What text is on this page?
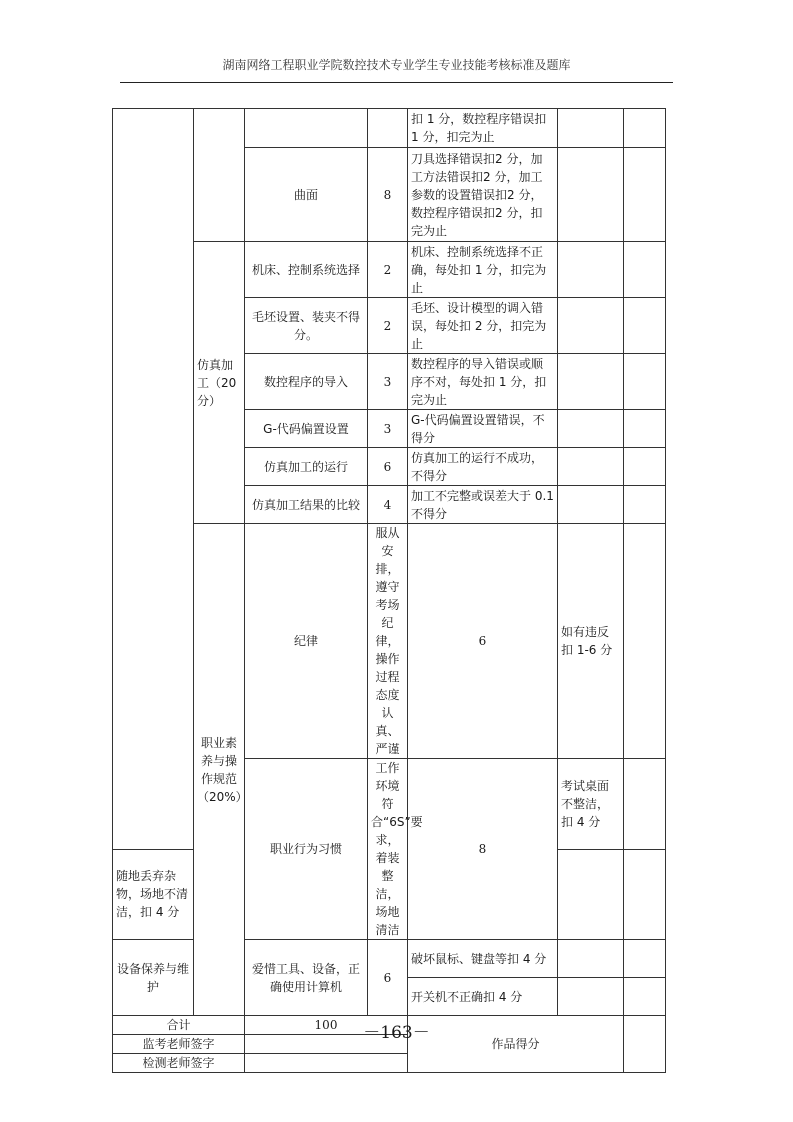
湖南网络工程职业学院数控技术专业学生专业技能考核标准及题库
				扣 1 分，数控程序错误扣 1 分，扣完为止			
		曲面	8	刀具选择错误扣2 分，加工方法错误扣2 分，加工参数的设置错误扣2 分，数控程序错误扣2 分，扣完为止			
	仿真加工（20分）	机床、控制系统选择	2	机床、控制系统选择不正确，每处扣 1 分，扣完为止			
		毛坯设置、装夹不得分。	2	毛坯、设计模型的调入错误，每处扣 2 分，扣完为止			
		数控程序的导入	3	数控程序的导入错误或顺序不对，每处扣 1 分，扣完为止			
		G-代码偏置设置	3	G-代码偏置设置错误，不得分			
		仿真加工的运行	6	仿真加工的运行不成功，不得分			
		仿真加工结果的比较	4	加工不完整或误差大于 0.1 不得分			
	职业素养与操作规范（20%）	纪律	服从安排，遵守考场纪律，操作过程态度认真、严谨	6	如有违反扣 1-6 分		
		职业行为习惯	工作环境符合“6S”要求，着装整洁，场地清洁	8	考试桌面不整洁，扣 4 分		
随地丢弃杂物，场地不清洁，扣 4 分							
设备保养与维护		爱惜工具、设备，正确使用计算机	6	破坏鼠标、键盘等扣 4 分			
				开关机不正确扣 4 分			
合计		100		作品得分			
监考老师签字							
检测老师签字							
－163－
